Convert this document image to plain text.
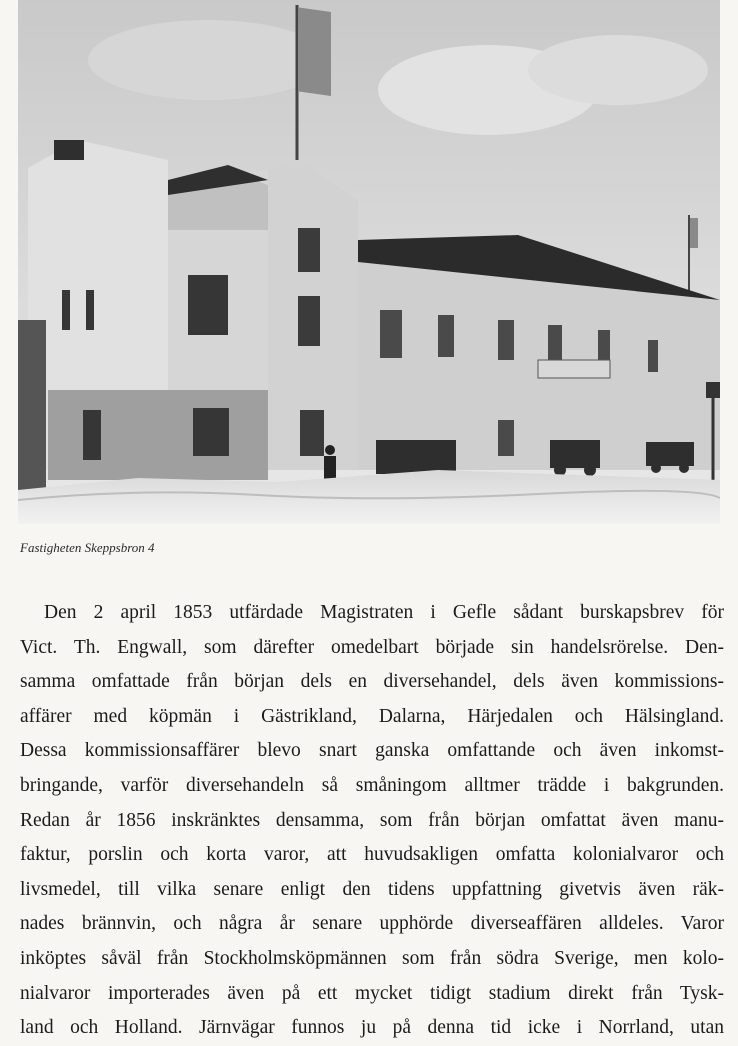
Fastigheten Skeppsbron 4
Den 2 april 1853 utfärdade Magistraten i Gefle sådant burskapsbrev för
Vict. Th. Engwall, som därefter omedelbart började sin handelsrörelse. Den-
samma omfattade från början dels en diversehandel, dels även kommissions-
affärer med köpmän i Gästrikland, Dalarna, Härjedalen och Hälsingland.
Dessa kommissionsaffärer blevo snart ganska omfattande och även inkomst-
bringande, varför diversehandeln så småningom alltmer trädde i bakgrunden.
Redan år 1856 inskränktes densamma, som från början omfattat även manu-
faktur, porslin och korta varor, att huvudsakligen omfatta kolonialvaror och
livsmedel, till vilka senare enligt den tidens uppfattning givetvis även räk-
nades brännvin, och några år senare upphörde diverseaffären alldeles. Varor
inköptes såväl från Stockholmsköpmännen som från södra Sverige, men kolo-
nialvaror importerades även på ett mycket tidigt stadium direkt från Tysk-
land och Holland. Järnvägar funnos ju på denna tid icke i Norrland, utan
